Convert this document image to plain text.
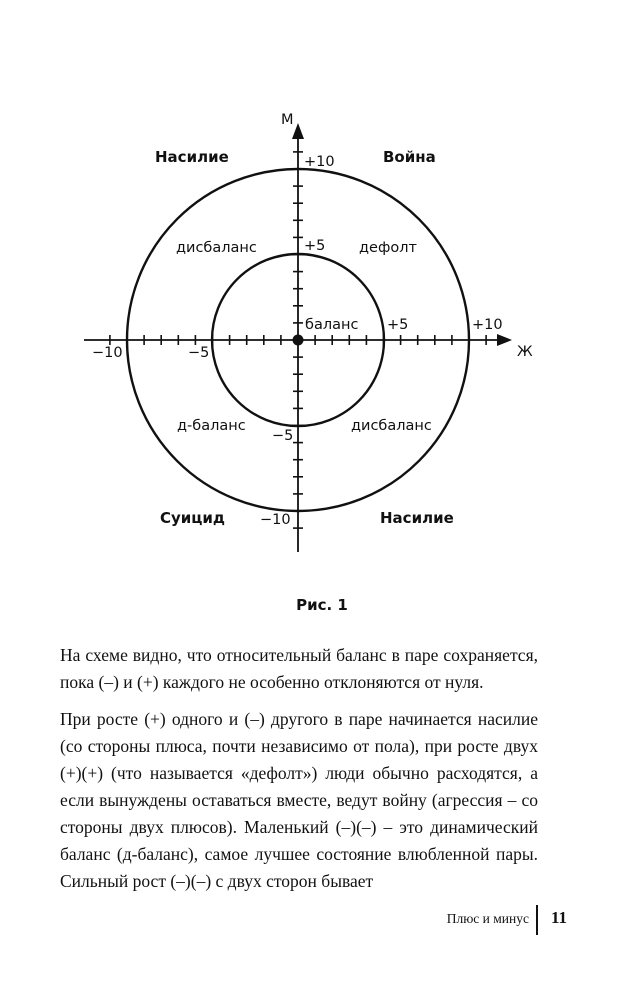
М
Ж
+10
+5
−5
−10
+5	+10
−10	−5
Насилие	Война
Суицид	Насилие
дисбаланс	дефолт
д-баланс	дисбаланс
баланс
Рис. 1

На схеме видно, что относительный баланс в паре сохраняется, пока (–) и (+) каждого не особенно отклоняются от нуля.

При росте (+) одного и (–) другого в паре начинается насилие (со стороны плюса, почти независимо от пола), при росте двух (+)(+) (что называется «дефолт») люди обычно расходятся, а если вынуждены оставаться вместе, ведут войну (агрессия – со стороны двух плюсов). Маленький (–)(–) – это динамический баланс (д-баланс), самое лучшее состояние влюбленной пары. Сильный рост (–)(–) с двух сторон бывает

Плюс и минус 11
